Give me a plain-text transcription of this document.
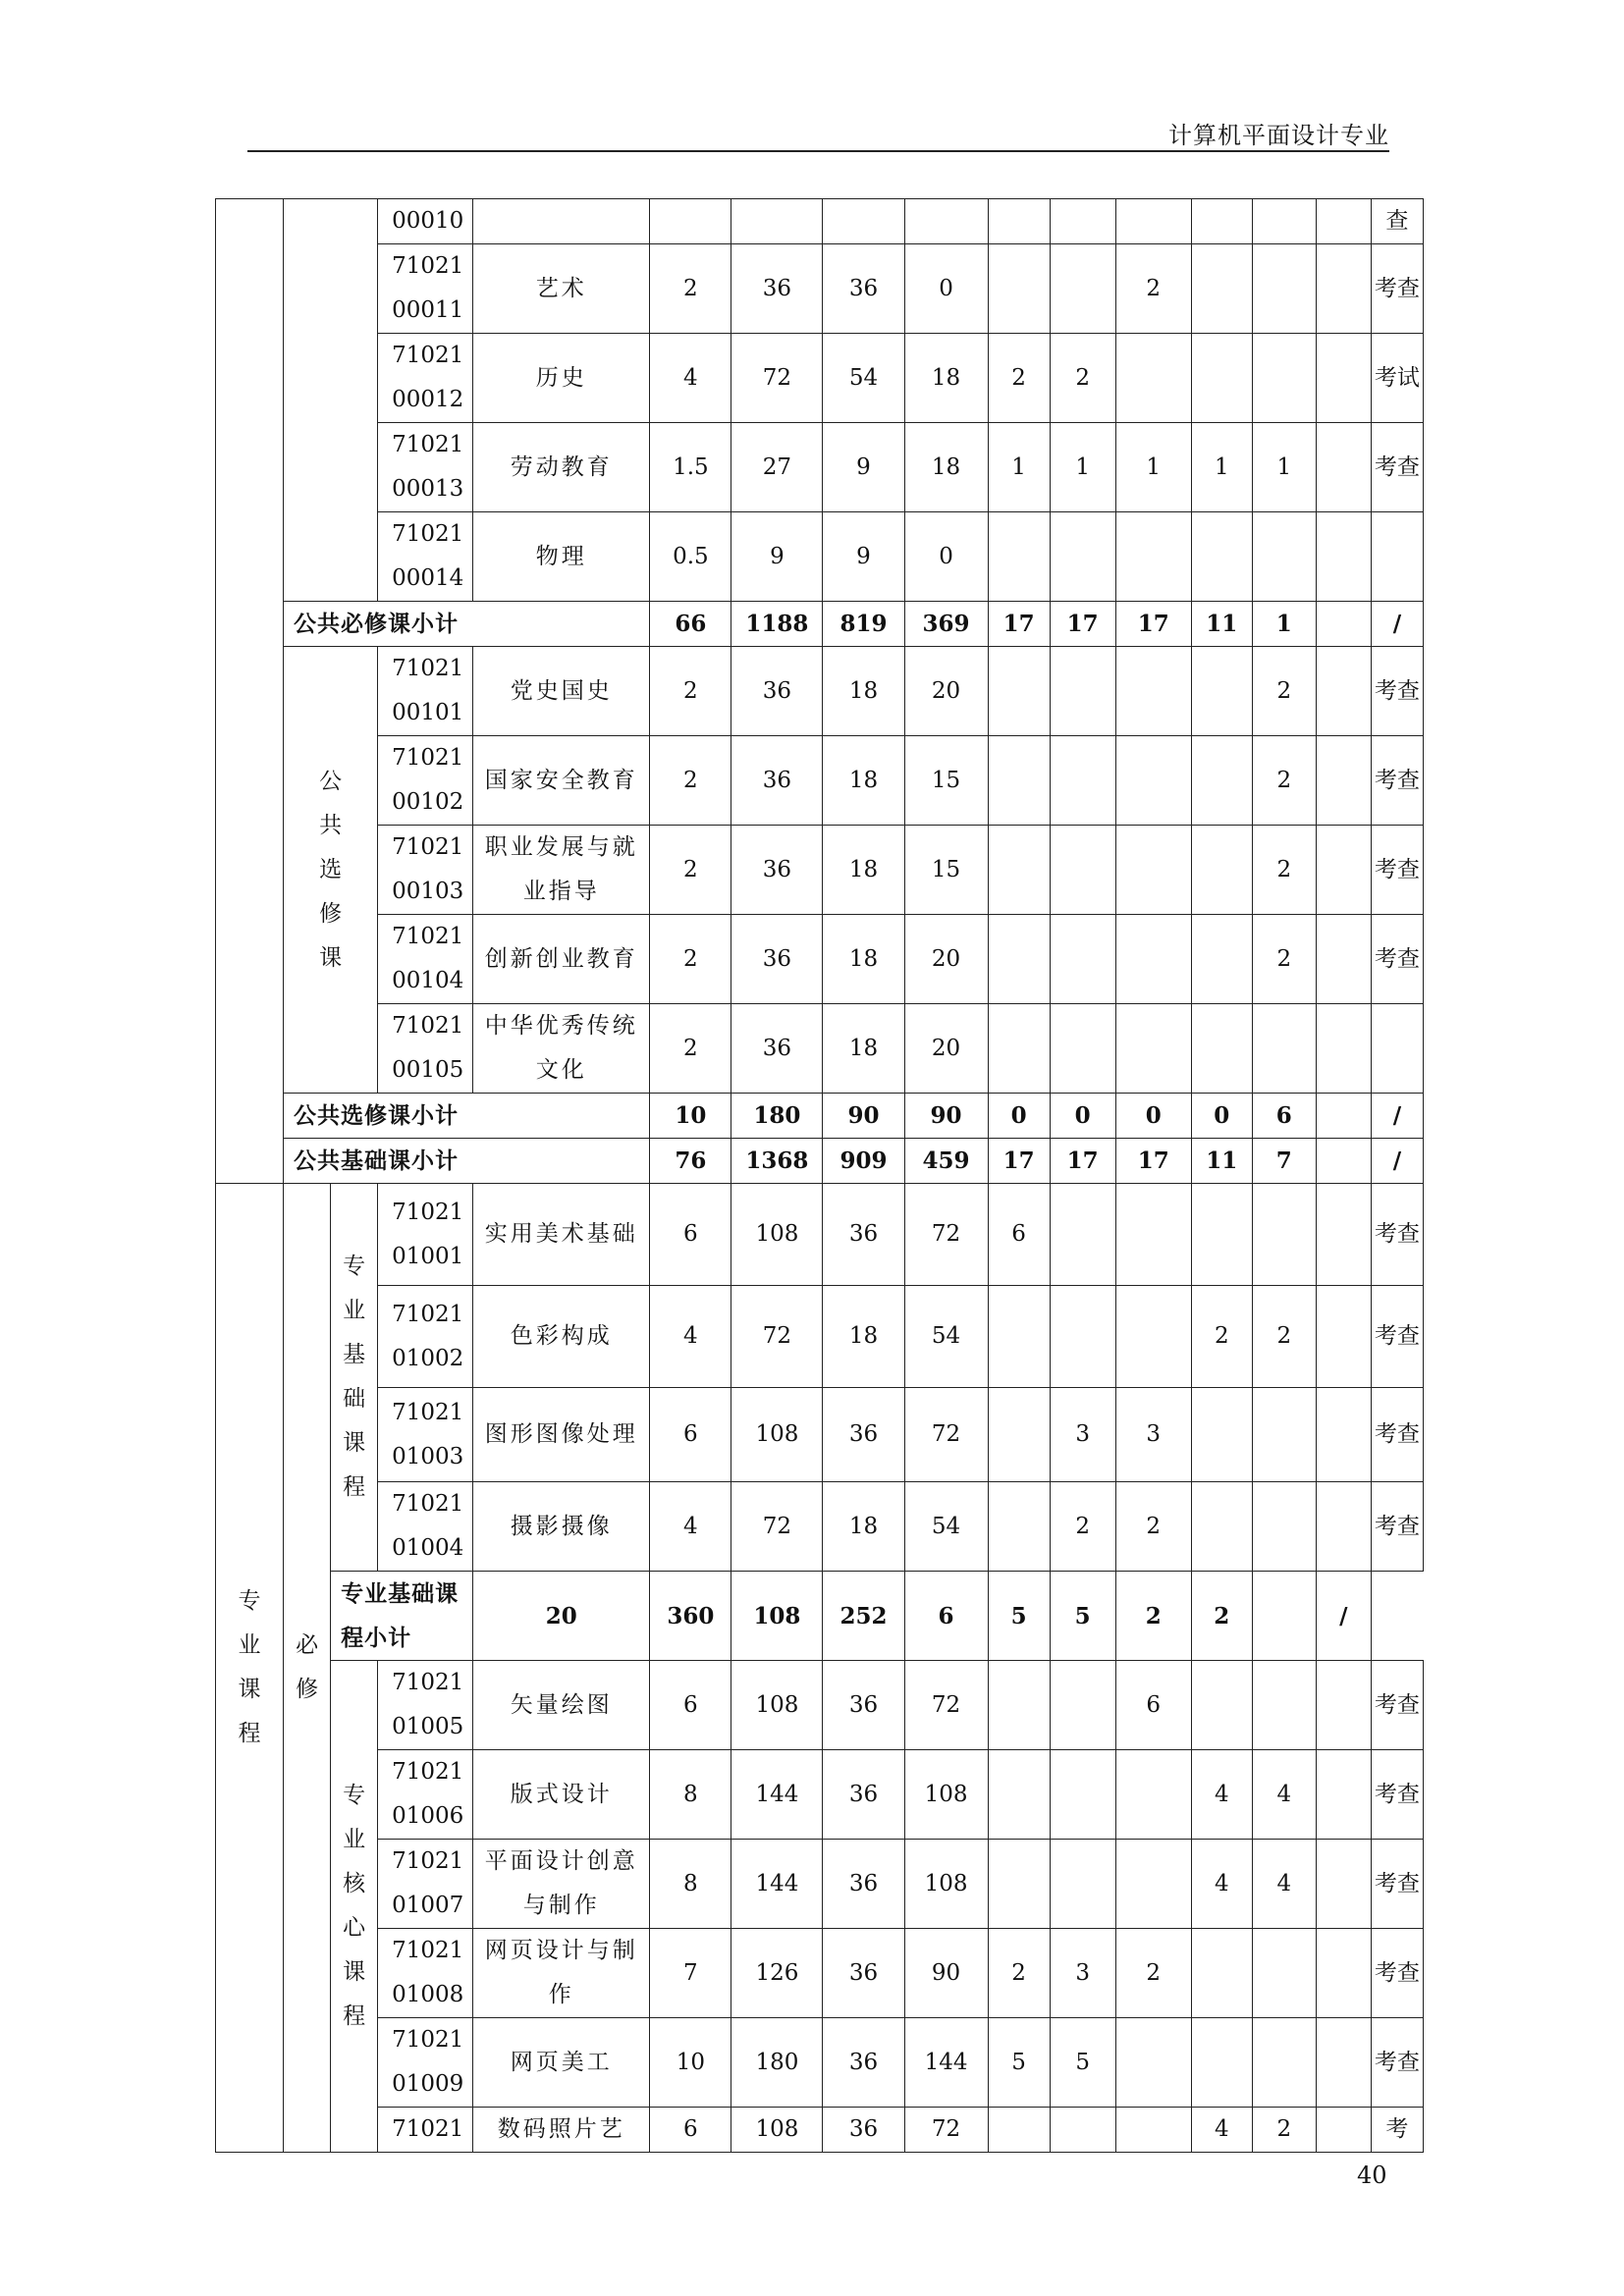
计算机平面设计专业
			00010												查
			71021 00011	艺术	2	36	36	0			2				考查
			71021 00012	历史	4	72	54	18	2	2					考试
			71021 00013	劳动教育	1.5	27	9	18	1	1	1	1	1		考查
			71021 00014	物理	0.5	9	9	0							
	公共必修课小计				66	1188	819	369	17	17	17	11	1		/

	公共选修课		71021 00101	党史国史	2	36	18	20					2		考查
			71021 00102	国家安全教育	2	36	18	15					2		考查
			71021 00103	职业发展与就业指导	2	36	18	15					2		考查
			71021 00104	创新创业教育	2	36	18	20					2		考查
			71021 00105	中华优秀传统文化	2	36	18	20							
	公共选修课小计				10	180	90	90	0	0	0	0	6		/
	公共基础课小计				76	1368	909	459	17	17	17	11	7		/

专业课程	必修	专业基础课程	71021 01001	实用美术基础	6	108	36	72	6						考查
			71021 01002	色彩构成	4	72	18	54				2	2		考查
			71021 01003	图形图像处理	6	108	36	72		3	3				考查
			71021 01004	摄影摄像	4	72	18	54		2	2				考查
		专业基础课程小计		20	360	108	252	6	5	5	2	2		/	

		专业核心课程	71021 01005	矢量绘图	6	108	36	72			6				考查
			71021 01006	版式设计	8	144	36	108				4	4		考查
			71021 01007	平面设计创意与制作	8	144	36	108				4	4		考查
			71021 01008	网页设计与制作	7	126	36	90	2	3	2				考查
			71021 01009	网页美工	10	180	36	144	5	5					考查
			71021	数码照片艺	6	108	36	72				4	2		考
40
